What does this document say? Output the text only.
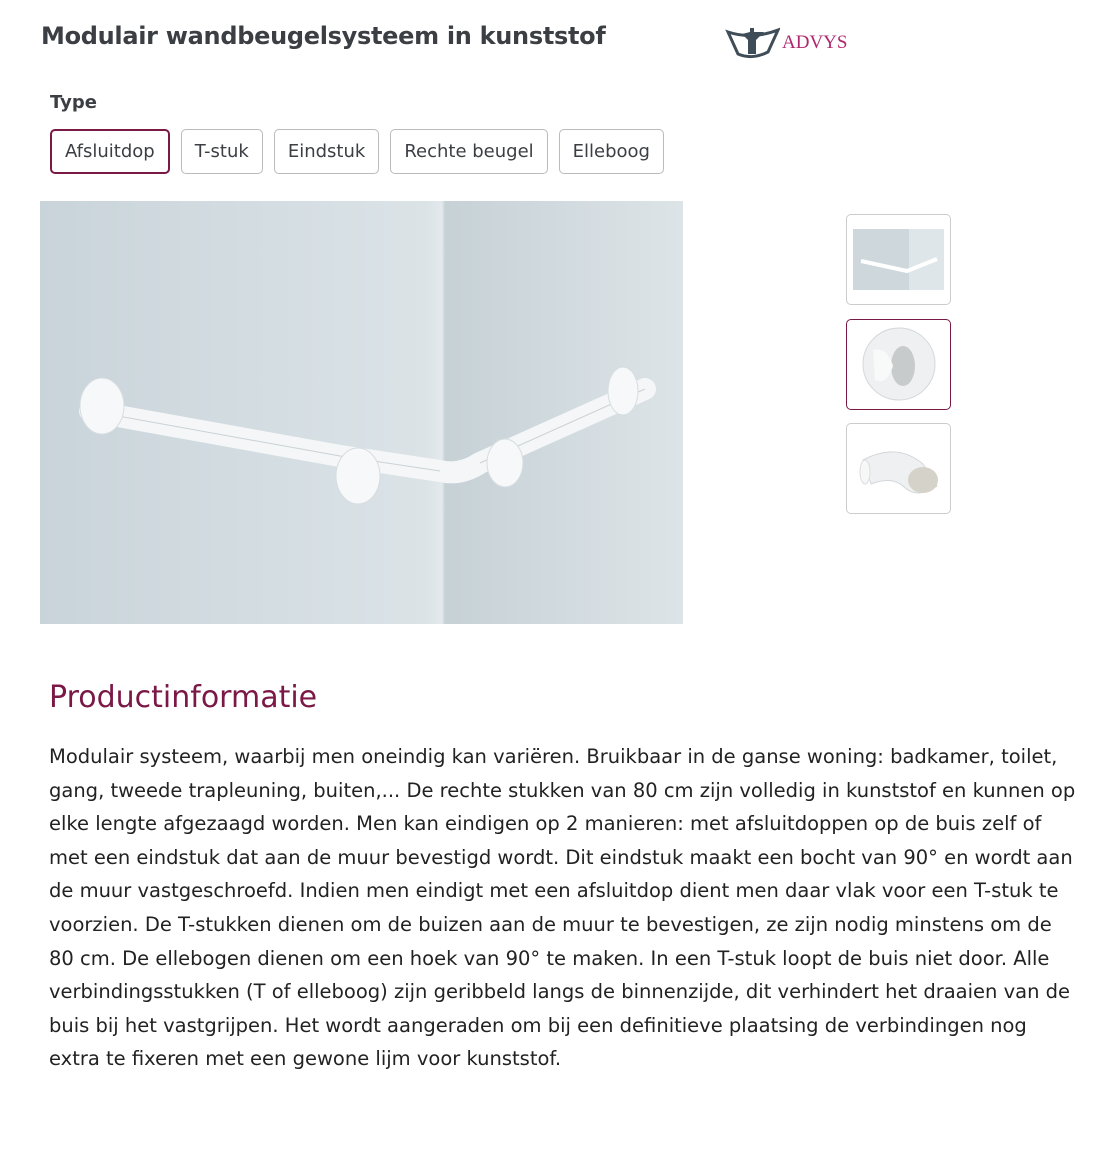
Modulair wandbeugelsysteem in kunststof	ADVYS
Type
Afsluitdop	T-stuk	Eindstuk	Rechte beugel	Elleboog
Productinformatie
Modulair systeem, waarbij men oneindig kan variëren. Bruikbaar in de ganse woning: badkamer, toilet, gang, tweede trapleuning, buiten,... De rechte stukken van 80 cm zijn volledig in kunststof en kunnen op elke lengte afgezaagd worden. Men kan eindigen op 2 manieren: met afsluitdoppen op de buis zelf of met een eindstuk dat aan de muur bevestigd wordt. Dit eindstuk maakt een bocht van 90° en wordt aan de muur vastgeschroefd. Indien men eindigt met een afsluitdop dient men daar vlak voor een T-stuk te voorzien. De T-stukken dienen om de buizen aan de muur te bevestigen, ze zijn nodig minstens om de 80 cm. De ellebogen dienen om een hoek van 90° te maken. In een T-stuk loopt de buis niet door. Alle verbindingsstukken (T of elleboog) zijn geribbeld langs de binnenzijde, dit verhindert het draaien van de buis bij het vastgrijpen. Het wordt aangeraden om bij een definitieve plaatsing de verbindingen nog extra te fixeren met een gewone lijm voor kunststof.
